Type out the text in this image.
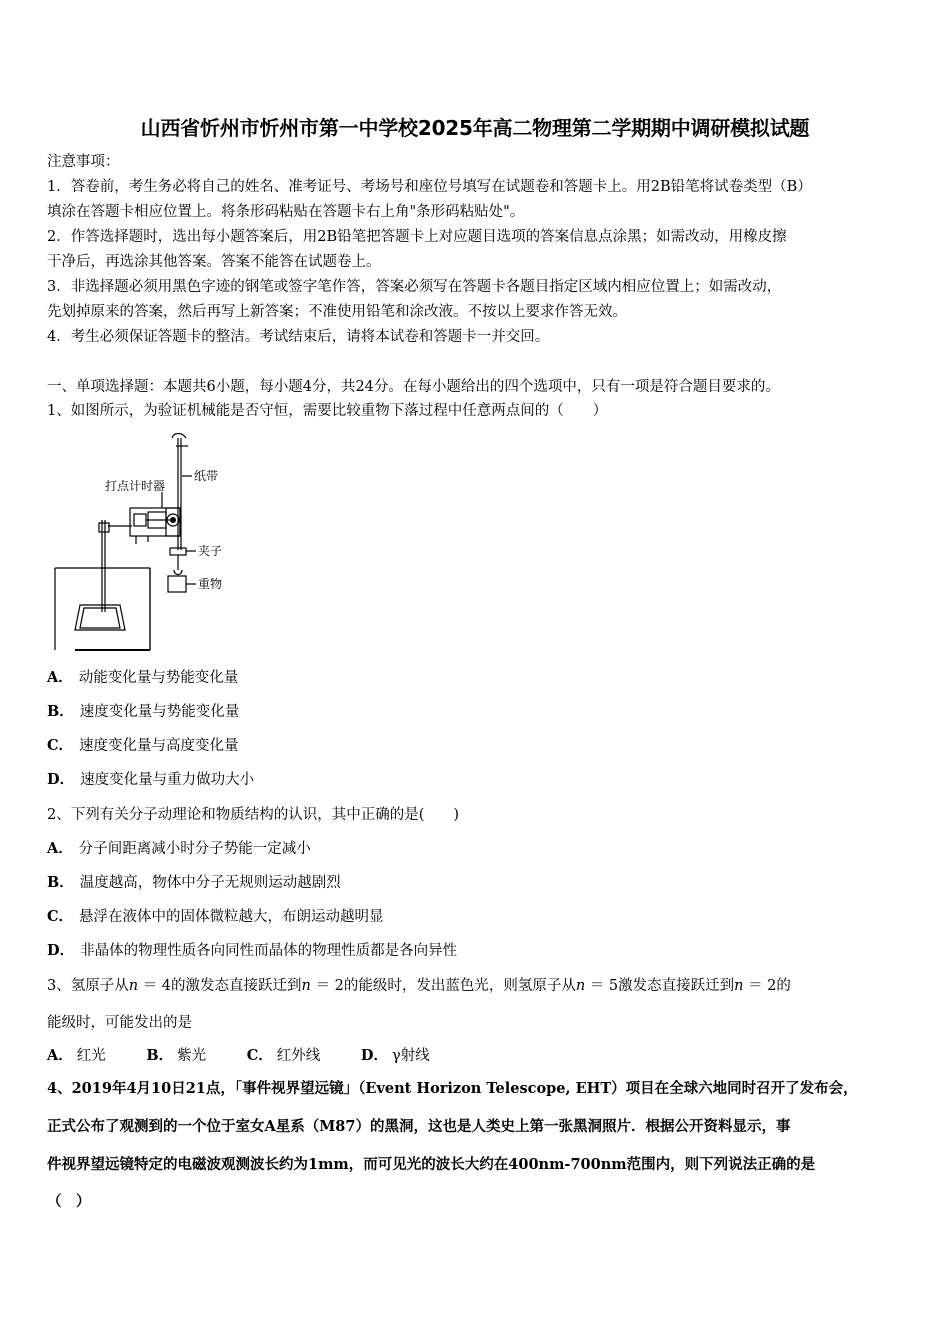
山西省忻州市忻州市第一中学校2025年高二物理第二学期期中调研模拟试题
注意事项：
1．答卷前，考生务必将自己的姓名、准考证号、考场号和座位号填写在试题卷和答题卡上。用2B铅笔将试卷类型（B）
填涂在答题卡相应位置上。将条形码粘贴在答题卡右上角"条形码粘贴处"。
2．作答选择题时，选出每小题答案后，用2B铅笔把答题卡上对应题目选项的答案信息点涂黑；如需改动，用橡皮擦
干净后，再选涂其他答案。答案不能答在试题卷上。
3．非选择题必须用黑色字迹的钢笔或签字笔作答，答案必须写在答题卡各题目指定区域内相应位置上；如需改动，
先划掉原来的答案，然后再写上新答案；不准使用铅笔和涂改液。不按以上要求作答无效。
4．考生必须保证答题卡的整洁。考试结束后，请将本试卷和答题卡一并交回。
一、单项选择题：本题共6小题，每小题4分，共24分。在每小题给出的四个选项中，只有一项是符合题目要求的。
1、如图所示，为验证机械能是否守恒，需要比较重物下落过程中任意两点间的（　　）
打点计时器
纸带
夹子
重物
A． 动能变化量与势能变化量
B． 速度变化量与势能变化量
C． 速度变化量与高度变化量
D． 速度变化量与重力做功大小
2、下列有关分子动理论和物质结构的认识，其中正确的是(　　)
A． 分子间距离减小时分子势能一定减小
B． 温度越高，物体中分子无规则运动越剧烈
C． 悬浮在液体中的固体微粒越大，布朗运动越明显
D． 非晶体的物理性质各向同性而晶体的物理性质都是各向异性
3、氢原子从n ＝ 4的激发态直接跃迁到n ＝ 2的能级时，发出蓝色光，则氢原子从n ＝ 5激发态直接跃迁到n ＝ 2的
能级时，可能发出的是
A． 红光	B． 紫光	C． 红外线	D． γ射线
4、2019年4月10日21点，「事件视界望远镜」（Event Horizon Telescope, EHT）项目在全球六地同时召开了发布会，
正式公布了观测到的一个位于室女A星系（M87）的黑洞，这也是人类史上第一张黑洞照片．根据公开资料显示，事
件视界望远镜特定的电磁波观测波长约为1mm，而可见光的波长大约在400nm-700nm范围内，则下列说法正确的是
（　）
